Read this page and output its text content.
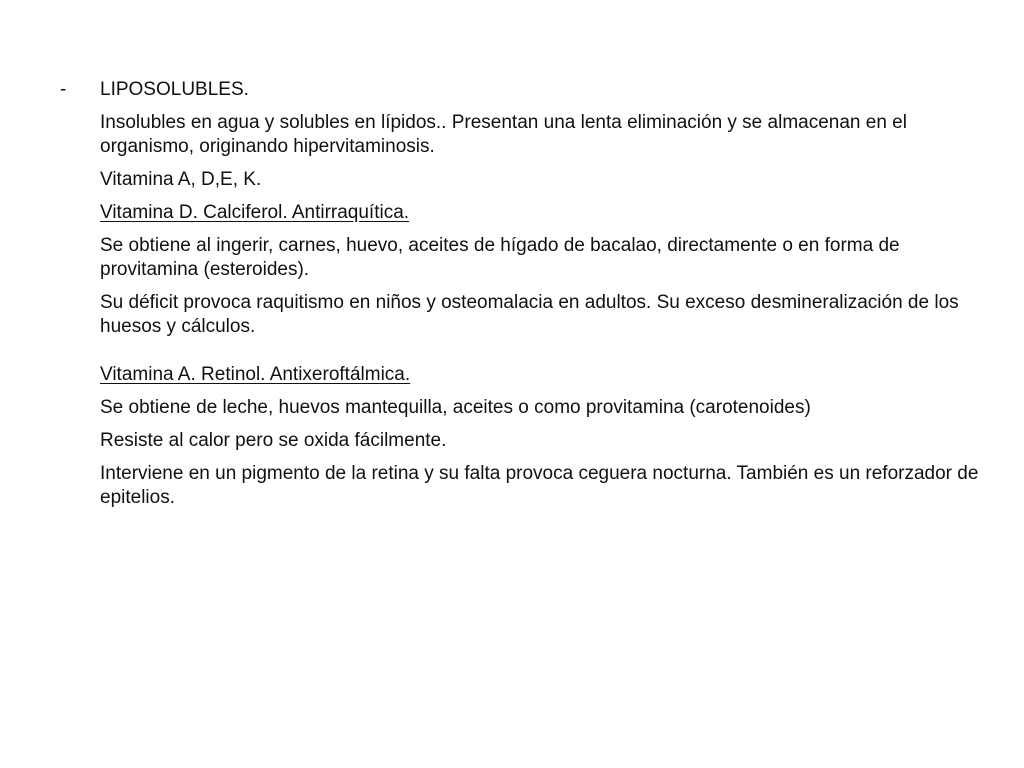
- LIPOSOLUBLES.

Insolubles en agua y solubles en lípidos.. Presentan una lenta eliminación y se almacenan en el organismo, originando hipervitaminosis.

Vitamina A, D,E, K.

Vitamina D. Calciferol. Antirraquítica.

Se obtiene al ingerir, carnes, huevo, aceites de hígado de bacalao, directamente o en forma de provitamina (esteroides).

Su déficit provoca raquitismo en niños y osteomalacia en adultos. Su exceso desmineralización de los huesos y cálculos.

Vitamina A. Retinol. Antixeroftálmica.

Se obtiene de leche, huevos mantequilla, aceites o como provitamina (carotenoides)

Resiste al calor pero se oxida fácilmente.

Interviene en un pigmento de la retina y su falta provoca ceguera nocturna. También es un reforzador de epitelios.
